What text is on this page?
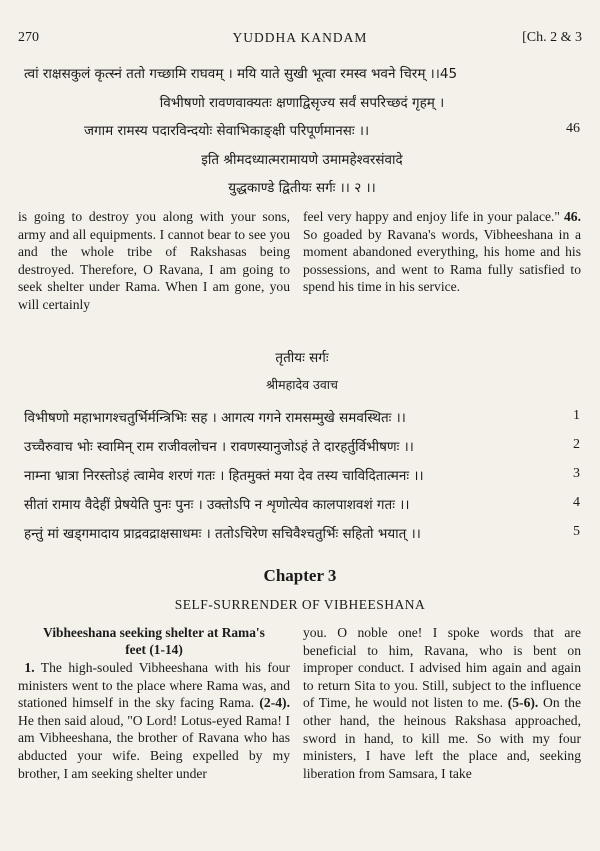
270	YUDDHA KANDAM	[Ch. 2 & 3
त्वां राक्षसकुलं कृत्स्नं ततो गच्छामि राघवम् । मयि याते सुखी भूत्वा रमस्व भवने चिरम् ।।45
विभीषणो रावणवाक्यतः क्षणाद्विसृज्य सर्वं सपरिच्छदं गृहम् ।
जगाम रामस्य पदारविन्दयोः सेवाभिकाङ्क्षी परिपूर्णमानसः ।।	46
इति श्रीमदध्यात्मरामायणे उमामहेश्वरसंवादे
युद्धकाण्डे द्वितीयः सर्गः ।। २ ।।

is going to destroy you along with your sons, army and all equipments. I cannot bear to see you and the whole tribe of Rakshasas being destroyed. Therefore, O Ravana, I am going to seek shelter under Rama. When I am gone, you will certainly

feel very happy and enjoy life in your palace." 46. So goaded by Ravana's words, Vibheeshana in a moment abandoned everything, his home and his possessions, and went to Rama fully satisfied to spend his time in his service.

तृतीयः सर्गः
श्रीमहादेव उवाच
विभीषणो महाभागश्चतुर्भिर्मन्त्रिभिः सह । आगत्य गगने रामसम्मुखे समवस्थितः ।।	1
उच्चैरुवाच भोः स्वामिन् राम राजीवलोचन । रावणस्यानुजोऽहं ते दारहर्तुर्विभीषणः ।।	2
नाम्ना भ्रात्रा निरस्तोऽहं त्वामेव शरणं गतः । हितमुक्तं मया देव तस्य चाविदितात्मनः ।।	3
सीतां रामाय वैदेहीं प्रेषयेति पुनः पुनः । उक्तोऽपि न शृणोत्येव कालपाशवशं गतः ।।	4
हन्तुं मां खड्गमादाय प्राद्रवद्राक्षसाधमः । ततोऽचिरेण सचिवैश्चतुर्भिः सहितो भयात् ।।	5
Chapter 3
SELF-SURRENDER OF VIBHEESHANA
Vibheeshana seeking shelter at Rama's feet (1-14)

1. The high-souled Vibheeshana with his four ministers went to the place where Rama was, and stationed himself in the sky facing Rama. (2-4). He then said aloud, "O Lord! Lotus-eyed Rama! I am Vibheeshana, the brother of Ravana who has abducted your wife. Being expelled by my brother, I am seeking shelter under

you. O noble one! I spoke words that are beneficial to him, Ravana, who is bent on improper conduct. I advised him again and again to return Sita to you. Still, subject to the influence of Time, he would not listen to me. (5-6). On the other hand, the heinous Rakshasa approached, sword in hand, to kill me. So with my four ministers, I have left the place and, seeking liberation from Samsara, I take
